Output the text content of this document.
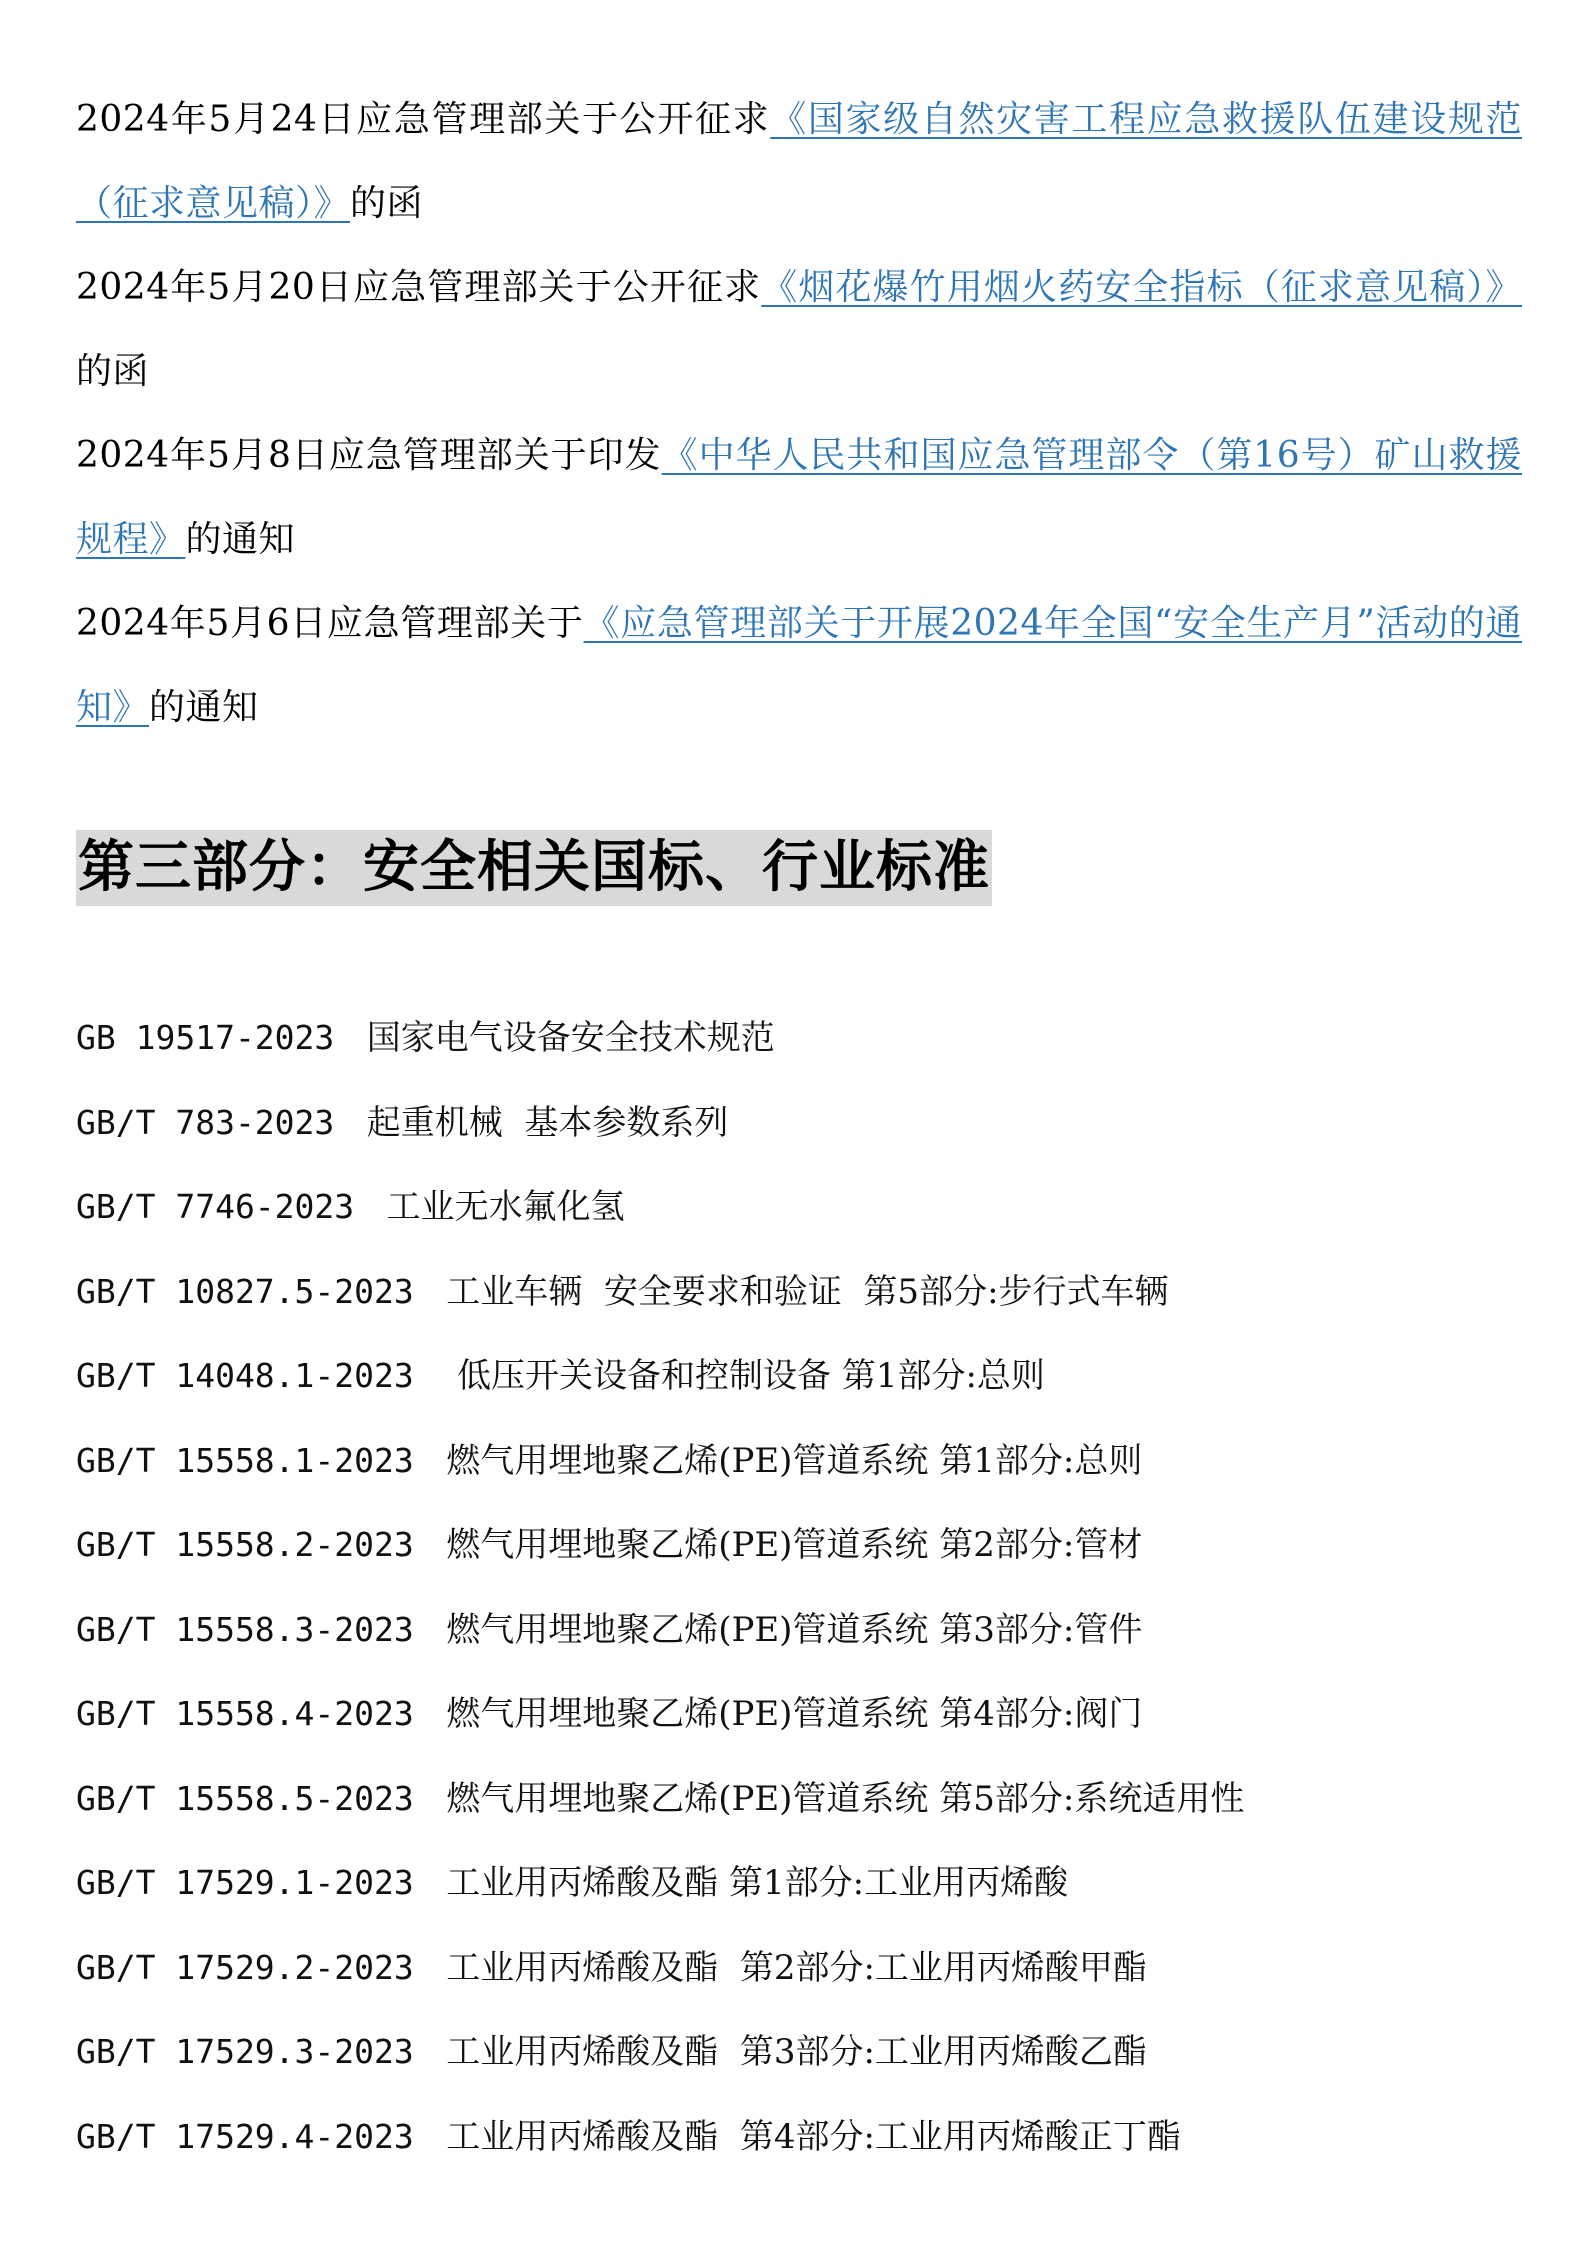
2024年5月24日应急管理部关于公开征求《国家级自然灾害工程应急救援队伍建设规范（征求意见稿）》的函

2024年5月20日应急管理部关于公开征求《烟花爆竹用烟火药安全指标（征求意见稿）》的函

2024年5月8日应急管理部关于印发《中华人民共和国应急管理部令（第16号）矿山救援规程》的通知

2024年5月6日应急管理部关于《应急管理部关于开展2024年全国“安全生产月”活动的通知》的通知

第三部分：安全相关国标、行业标准
GB 19517-2023 国家电气设备安全技术规范
GB/T 783-2023 起重机械  基本参数系列
GB/T 7746-2023 工业无水氟化氢
GB/T 10827.5-2023 工业车辆  安全要求和验证  第5部分:步行式车辆
GB/T 14048.1-2023    低压开关设备和控制设备 第1部分:总则
GB/T 15558.1-2023 燃气用埋地聚乙烯(PE)管道系统 第1部分:总则
GB/T 15558.2-2023 燃气用埋地聚乙烯(PE)管道系统 第2部分:管材
GB/T 15558.3-2023 燃气用埋地聚乙烯(PE)管道系统 第3部分:管件
GB/T 15558.4-2023 燃气用埋地聚乙烯(PE)管道系统 第4部分:阀门
GB/T 15558.5-2023 燃气用埋地聚乙烯(PE)管道系统 第5部分:系统适用性
GB/T 17529.1-2023 工业用丙烯酸及酯 第1部分:工业用丙烯酸
GB/T 17529.2-2023 工业用丙烯酸及酯  第2部分:工业用丙烯酸甲酯
GB/T 17529.3-2023 工业用丙烯酸及酯  第3部分:工业用丙烯酸乙酯
GB/T 17529.4-2023 工业用丙烯酸及酯  第4部分:工业用丙烯酸正丁酯
